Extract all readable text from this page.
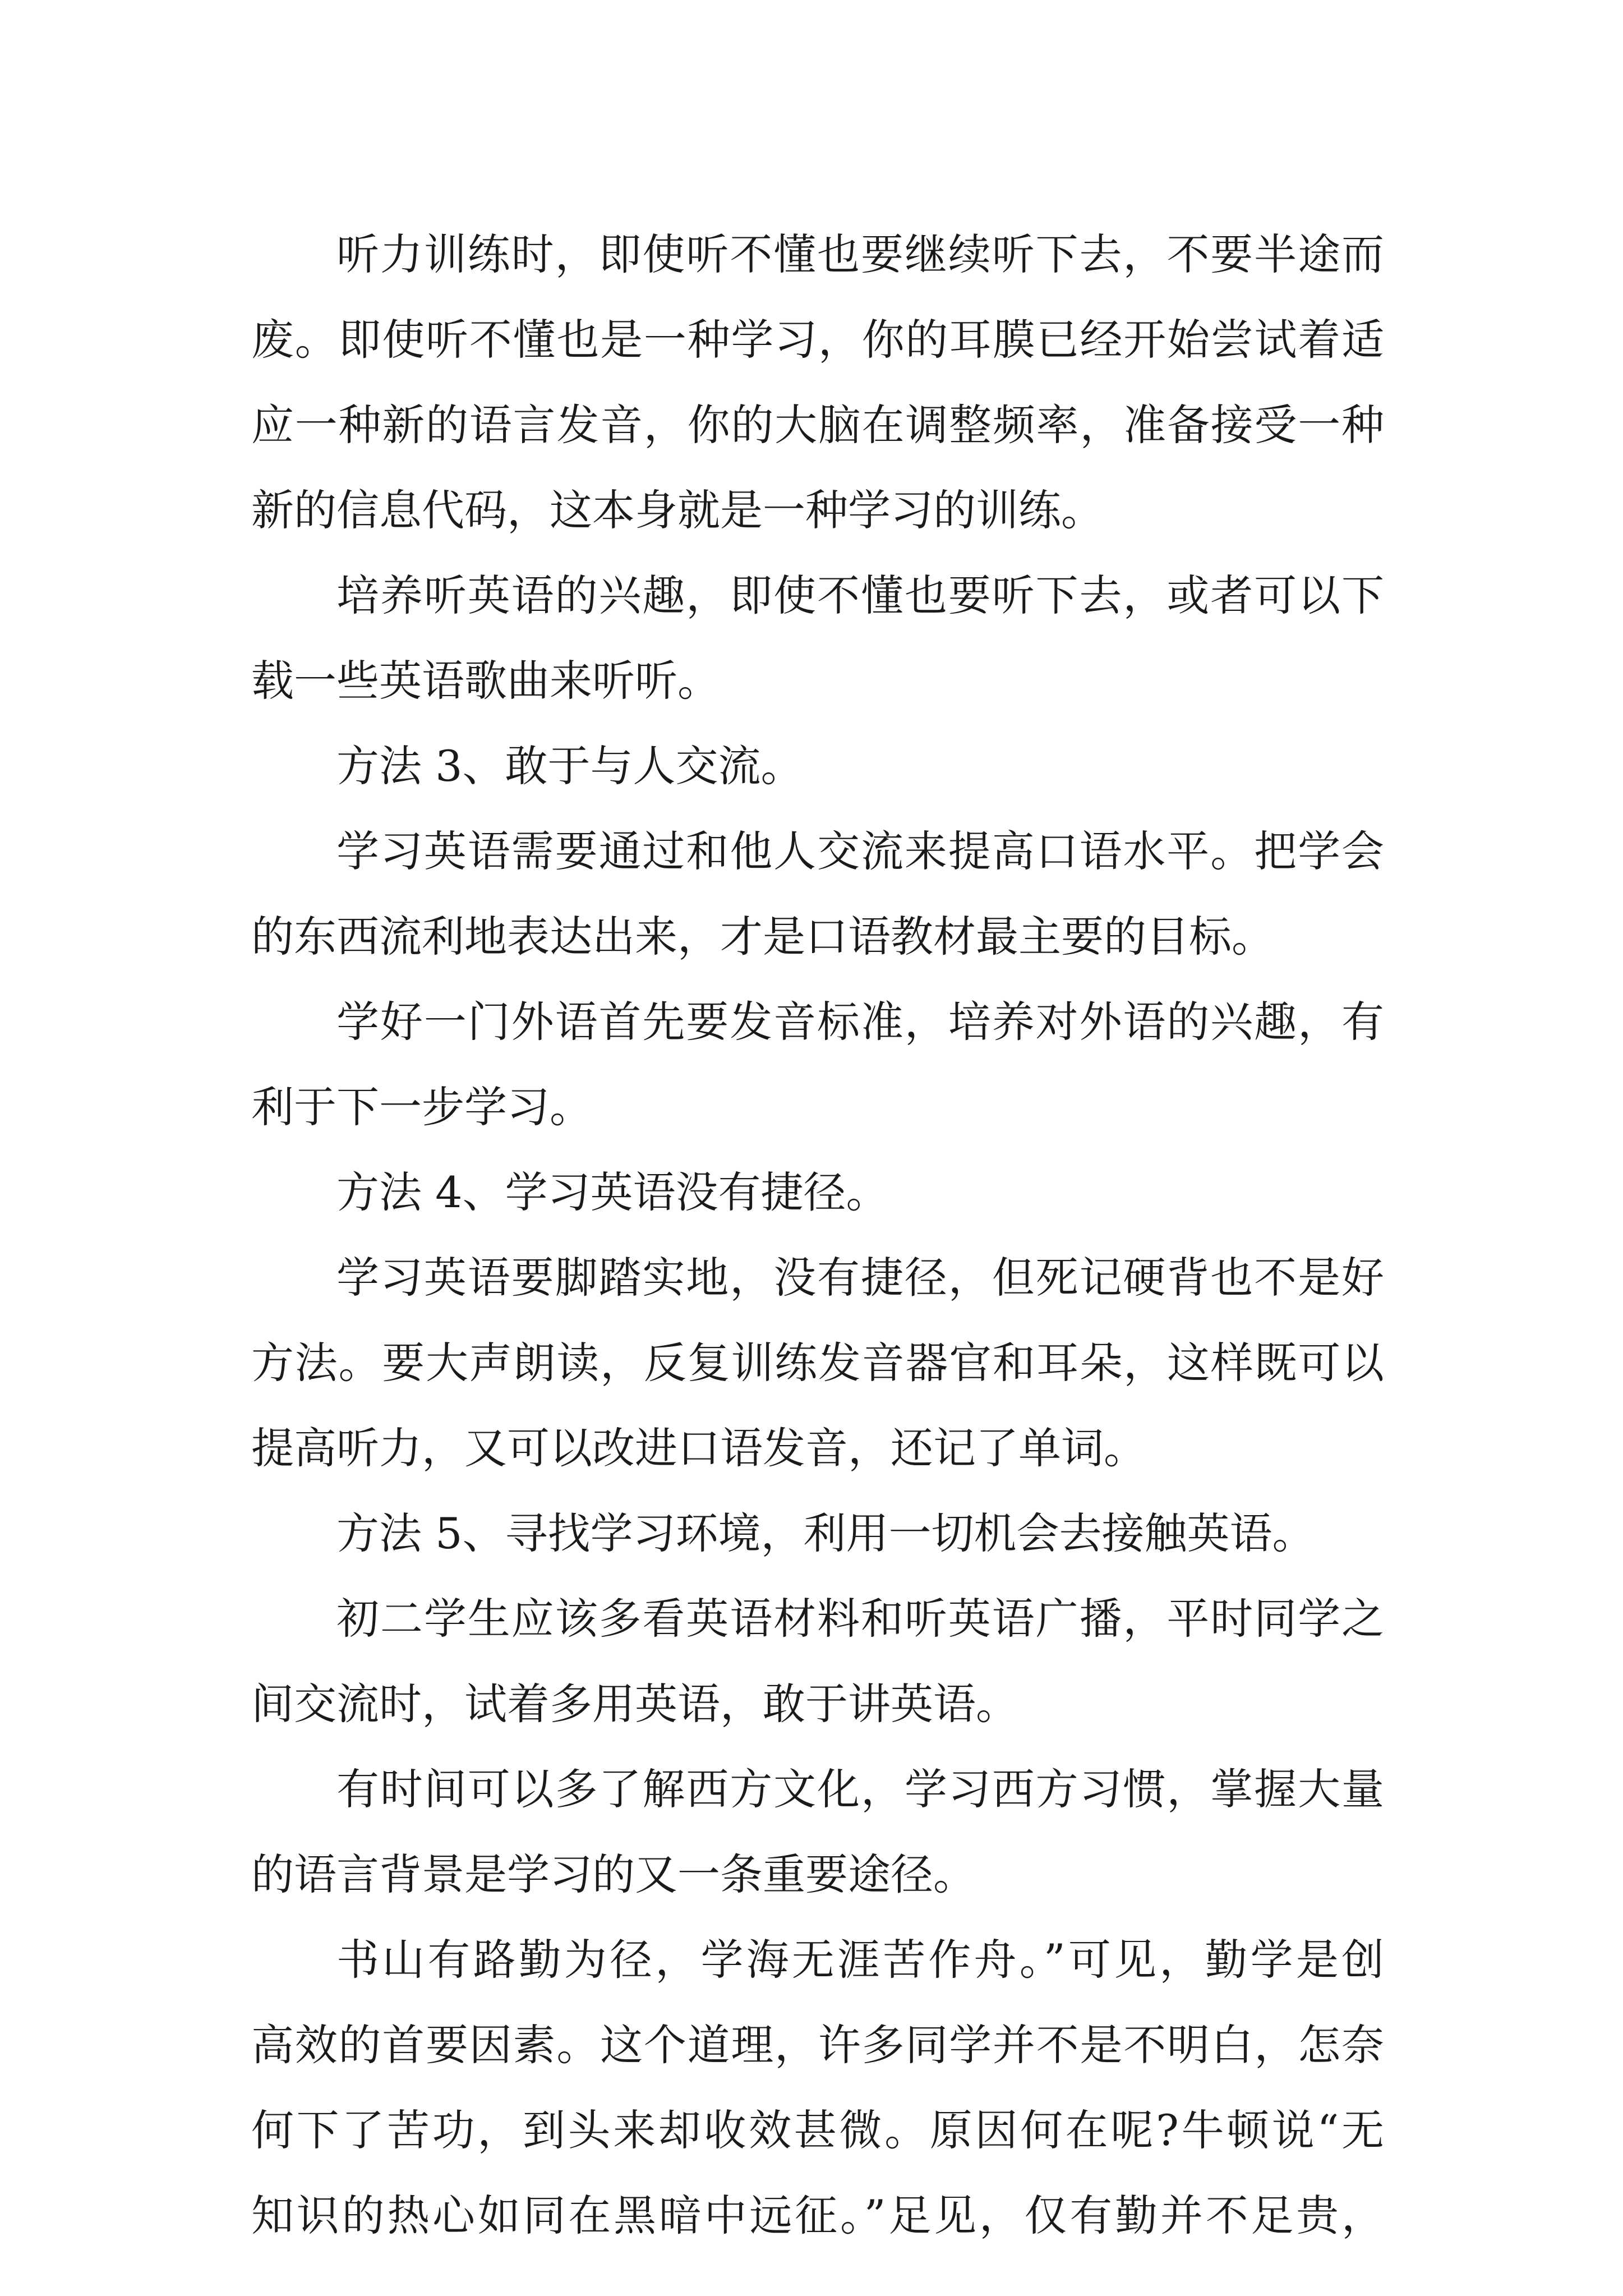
听力训练时，即使听不懂也要继续听下去，不要半途而
废。即使听不懂也是一种学习，你的耳膜已经开始尝试着适
应一种新的语言发音，你的大脑在调整频率，准备接受一种
新的信息代码，这本身就是一种学习的训练。
培养听英语的兴趣，即使不懂也要听下去，或者可以下
载一些英语歌曲来听听。
方法 3、敢于与人交流。
学习英语需要通过和他人交流来提高口语水平。把学会
的东西流利地表达出来，才是口语教材最主要的目标。
学好一门外语首先要发音标准，培养对外语的兴趣，有
利于下一步学习。
方法 4、学习英语没有捷径。
学习英语要脚踏实地，没有捷径，但死记硬背也不是好
方法。要大声朗读，反复训练发音器官和耳朵，这样既可以
提高听力，又可以改进口语发音，还记了单词。
方法 5、寻找学习环境，利用一切机会去接触英语。
初二学生应该多看英语材料和听英语广播，平时同学之
间交流时，试着多用英语，敢于讲英语。
有时间可以多了解西方文化，学习西方习惯，掌握大量
的语言背景是学习的又一条重要途径。
书山有路勤为径，学海无涯苦作舟。”可见，勤学是创
高效的首要因素。这个道理，许多同学并不是不明白，怎奈
何下了苦功，到头来却收效甚微。原因何在呢?牛顿说“无
知识的热心如同在黑暗中远征。”足见，仅有勤并不足贵，
